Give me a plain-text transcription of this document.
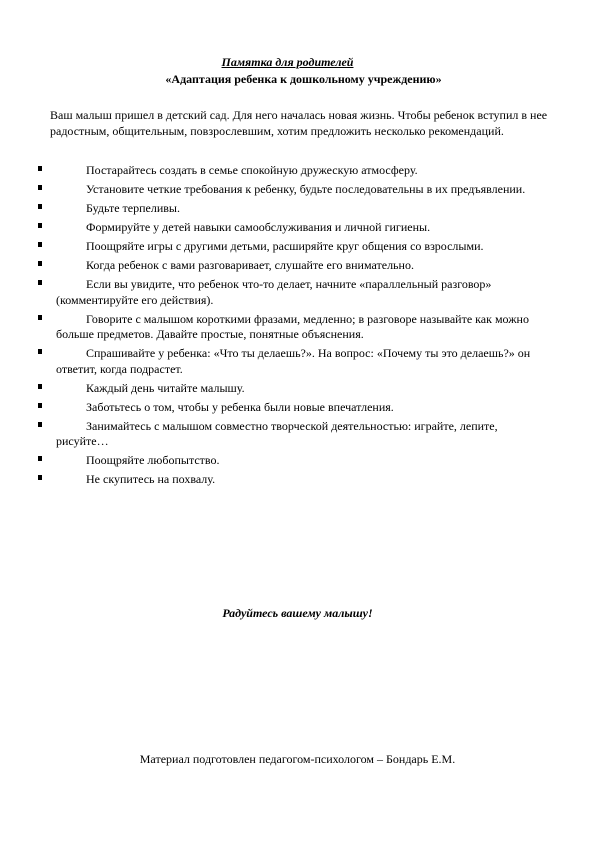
Памятка для родителей
«Адаптация ребенка к дошкольному учреждению»
Ваш малыш пришел в детский сад. Для него началась новая жизнь. Чтобы ребенок вступил в нее радостным, общительным, повзрослевшим, хотим предложить несколько рекомендаций.
Постарайтесь создать в семье спокойную дружескую атмосферу.
Установите четкие требования к ребенку, будьте последовательны в их предъявлении.
Будьте терпеливы.
Формируйте у детей навыки самообслуживания и личной гигиены.
Поощряйте игры с другими детьми, расширяйте круг общения со взрослыми.
Когда ребенок с вами разговаривает, слушайте его внимательно.
Если вы увидите, что ребенок что-то делает, начните «параллельный разговор» (комментируйте его действия).
Говорите с малышом короткими фразами, медленно; в разговоре называйте как можно больше предметов. Давайте простые, понятные объяснения.
Спрашивайте у ребенка: «Что ты делаешь?». На вопрос: «Почему ты это делаешь?» он ответит, когда подрастет.
Каждый день читайте малышу.
Заботьтесь о том, чтобы у ребенка были новые впечатления.
Занимайтесь с малышом совместно творческой деятельностью: играйте, лепите, рисуйте…
Поощряйте любопытство.
Не скупитесь на похвалу.
Радуйтесь вашему малышу!
Материал подготовлен педагогом-психологом – Бондарь Е.М.
